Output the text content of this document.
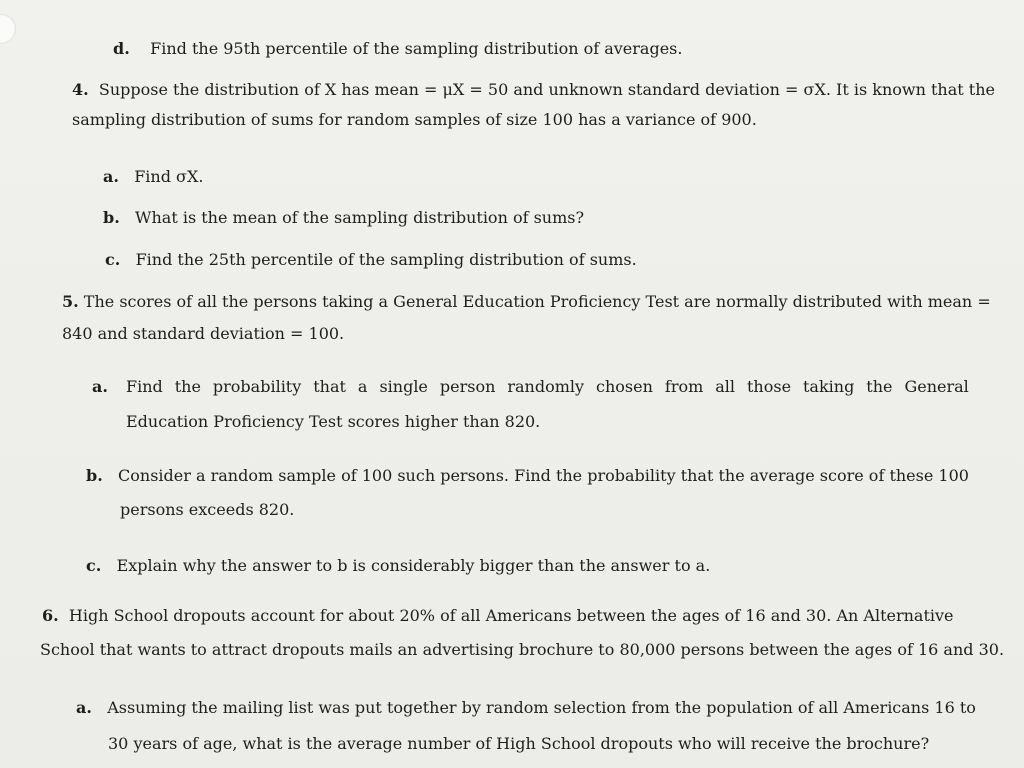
d. Find the 95th percentile of the sampling distribution of averages.
4. Suppose the distribution of X has mean = μX = 50 and unknown standard deviation = σX. It is known that the
sampling distribution of sums for random samples of size 100 has a variance of 900.
a. Find σX.
b. What is the mean of the sampling distribution of sums?
c. Find the 25th percentile of the sampling distribution of sums.
5. The scores of all the persons taking a General Education Proficiency Test are normally distributed with mean =
840 and standard deviation = 100.
a. Find the probability that a single person randomly chosen from all those taking the General
Education Proficiency Test scores higher than 820.
b. Consider a random sample of 100 such persons. Find the probability that the average score of these 100
persons exceeds 820.
c. Explain why the answer to b is considerably bigger than the answer to a.
6. High School dropouts account for about 20% of all Americans between the ages of 16 and 30. An Alternative
School that wants to attract dropouts mails an advertising brochure to 80,000 persons between the ages of 16 and 30.
a. Assuming the mailing list was put together by random selection from the population of all Americans 16 to
30 years of age, what is the average number of High School dropouts who will receive the brochure?
